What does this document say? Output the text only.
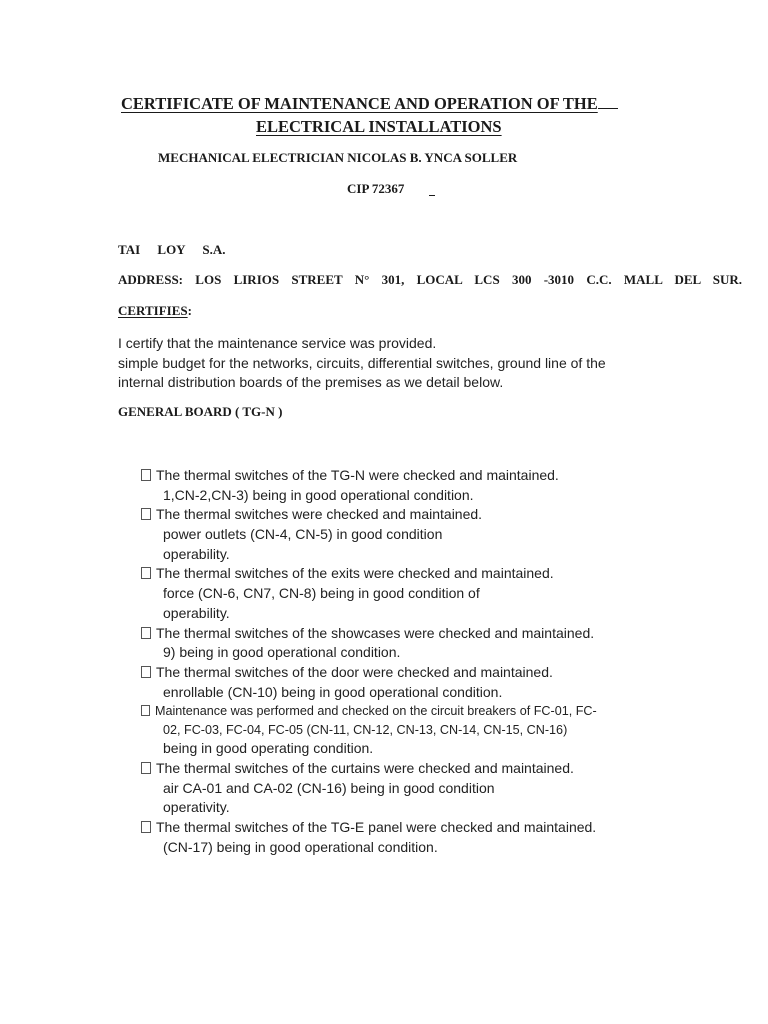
CERTIFICATE OF MAINTENANCE AND OPERATION OF THE
ELECTRICAL INSTALLATIONS
MECHANICAL ELECTRICIAN NICOLAS B. YNCA SOLLER
CIP 72367
TAI LOY S.A.
ADDRESS: LOS LIRIOS STREET N° 301, LOCAL LCS 300 -3010 C.C. MALL DEL SUR.
CERTIFIES:
I certify that the maintenance service was provided.
simple budget for the networks, circuits, differential switches, ground line of the
internal distribution boards of the premises as we detail below.
GENERAL BOARD ( TG-N )
The thermal switches of the TG-N were checked and maintained.
1,CN-2,CN-3) being in good operational condition.
The thermal switches were checked and maintained.
power outlets (CN-4, CN-5) in good condition
operability.
The thermal switches of the exits were checked and maintained.
force (CN-6, CN7, CN-8) being in good condition of
operability.
The thermal switches of the showcases were checked and maintained.
9) being in good operational condition.
The thermal switches of the door were checked and maintained.
enrollable (CN-10) being in good operational condition.
Maintenance was performed and checked on the circuit breakers of FC-01, FC-
02, FC-03, FC-04, FC-05 (CN-11, CN-12, CN-13, CN-14, CN-15, CN-16)
being in good operating condition.
The thermal switches of the curtains were checked and maintained.
air CA-01 and CA-02 (CN-16) being in good condition
operativity.
The thermal switches of the TG-E panel were checked and maintained.
(CN-17) being in good operational condition.
